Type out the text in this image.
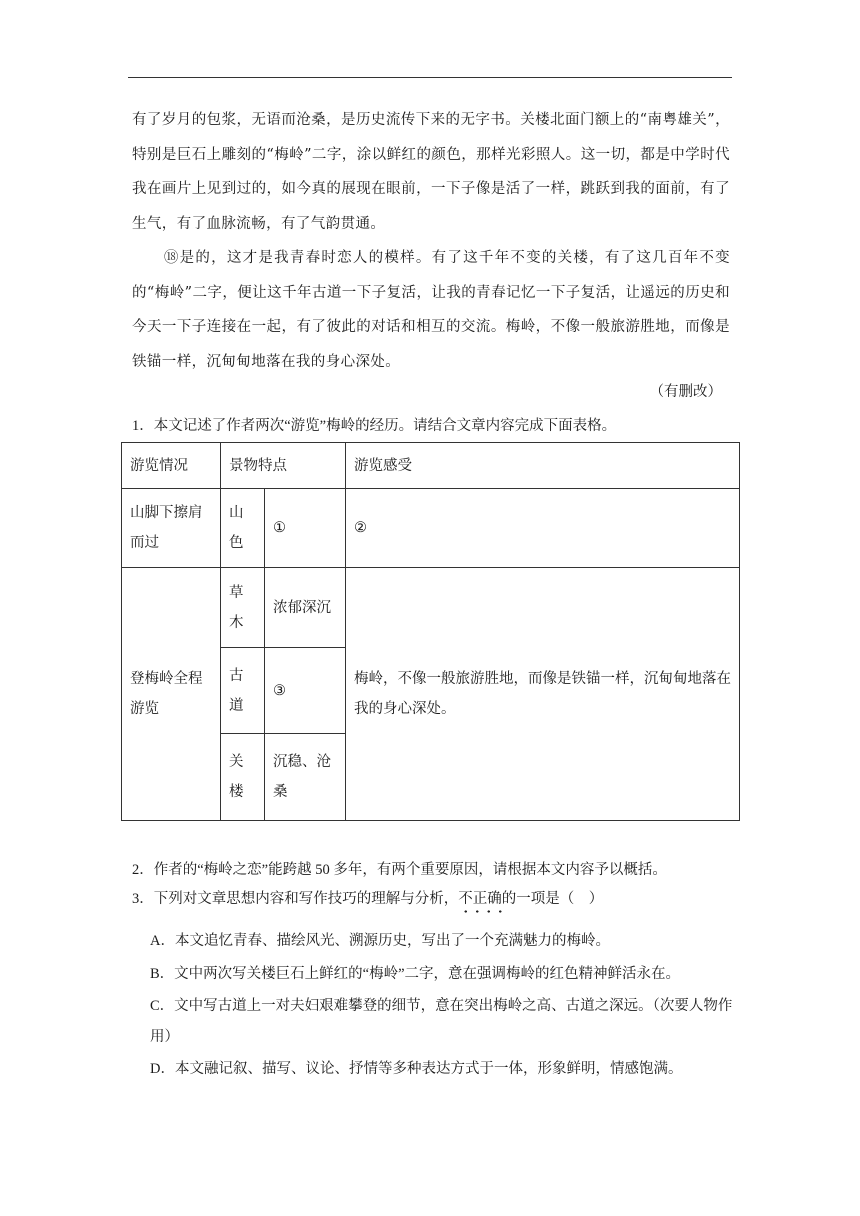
有了岁月的包浆，无语而沧桑，是历史流传下来的无字书。关楼北面门额上的“南粤雄关”，特别是巨石上雕刻的“梅岭”二字，涂以鲜红的颜色，那样光彩照人。这一切，都是中学时代我在画片上见到过的，如今真的展现在眼前，一下子像是活了一样，跳跃到我的面前，有了生气，有了血脉流畅，有了气韵贯通。

⑱是的，这才是我青春时恋人的模样。有了这千年不变的关楼，有了这几百年不变的“梅岭”二字，便让这千年古道一下子复活，让我的青春记忆一下子复活，让遥远的历史和今天一下子连接在一起，有了彼此的对话和相互的交流。梅岭，不像一般旅游胜地，而像是铁锚一样，沉甸甸地落在我的身心深处。

（有删改）
1．本文记述了作者两次“游览”梅岭的经历。请结合文章内容完成下面表格。
游览情况	景物特点		游览感受
山脚下擦肩而过	山色	①	②
登梅岭全程游览	草木	浓郁深沉	梅岭，不像一般旅游胜地，而像是铁锚一样，沉甸甸地落在我的身心深处。

	古道	③	

	关楼	沉稳、沧桑	
2．作者的“梅岭之恋”能跨越 50 多年，有两个重要原因，请根据本文内容予以概括。
3．下列对文章思想内容和写作技巧的理解与分析，不正确的一项是（　）

A．本文追忆青春、描绘风光、溯源历史，写出了一个充满魅力的梅岭。

B．文中两次写关楼巨石上鲜红的“梅岭”二字，意在强调梅岭的红色精神鲜活永在。

C．文中写古道上一对夫妇艰难攀登的细节，意在突出梅岭之高、古道之深远。（次要人物作用）

D．本文融记叙、描写、议论、抒情等多种表达方式于一体，形象鲜明，情感饱满。
